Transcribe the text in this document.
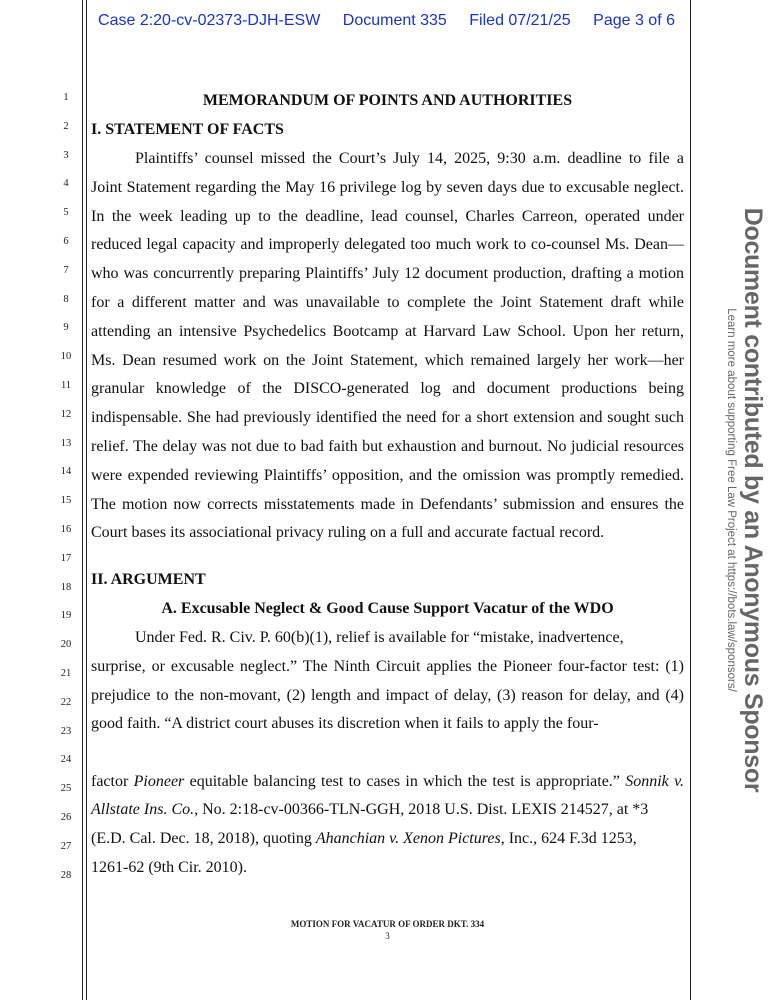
Case 2:20-cv-02373-DJH-ESW Document 335 Filed 07/21/25 Page 3 of 6
1
2
3
4
5
6
7
8
9
10
11
12
13
14
15
16
17
18
19
20
21
22
23
24
25
26
27
28
MEMORANDUM OF POINTS AND AUTHORITIES
I. STATEMENT OF FACTS
Plaintiffs’ counsel missed the Court’s July 14, 2025, 9:30 a.m. deadline to file a
Joint Statement regarding the May 16 privilege log by seven days due to excusable neglect.
In the week leading up to the deadline, lead counsel, Charles Carreon, operated under
reduced legal capacity and improperly delegated too much work to co-counsel Ms. Dean—
who was concurrently preparing Plaintiffs’ July 12 document production, drafting a motion
for a different matter and was unavailable to complete the Joint Statement draft while
attending an intensive Psychedelics Bootcamp at Harvard Law School. Upon her return,
Ms. Dean resumed work on the Joint Statement, which remained largely her work—her
granular knowledge of the DISCO-generated log and document productions being
indispensable. She had previously identified the need for a short extension and sought such
relief. The delay was not due to bad faith but exhaustion and burnout. No judicial resources
were expended reviewing Plaintiffs’ opposition, and the omission was promptly remedied.
The motion now corrects misstatements made in Defendants’ submission and ensures the
Court bases its associational privacy ruling on a full and accurate factual record.
II. ARGUMENT
A. Excusable Neglect & Good Cause Support Vacatur of the WDO
Under Fed. R. Civ. P. 60(b)(1), relief is available for “mistake, inadvertence,
surprise, or excusable neglect.” The Ninth Circuit applies the Pioneer four-factor test: (1)
prejudice to the non-movant, (2) length and impact of delay, (3) reason for delay, and (4)
good faith. “A district court abuses its discretion when it fails to apply the four-
factor Pioneer equitable balancing test to cases in which the test is appropriate.” Sonnik v.
Allstate Ins. Co., No. 2:18-cv-00366-TLN-GGH, 2018 U.S. Dist. LEXIS 214527, at *3
(E.D. Cal. Dec. 18, 2018), quoting Ahanchian v. Xenon Pictures, Inc., 624 F.3d 1253,
1261-62 (9th Cir. 2010).
MOTION FOR VACATUR OF ORDER DKT. 334
3
Document contributed by an Anonymous Sponsor
Learn more about supporting Free Law Project at https://bots.law/sponsors/
